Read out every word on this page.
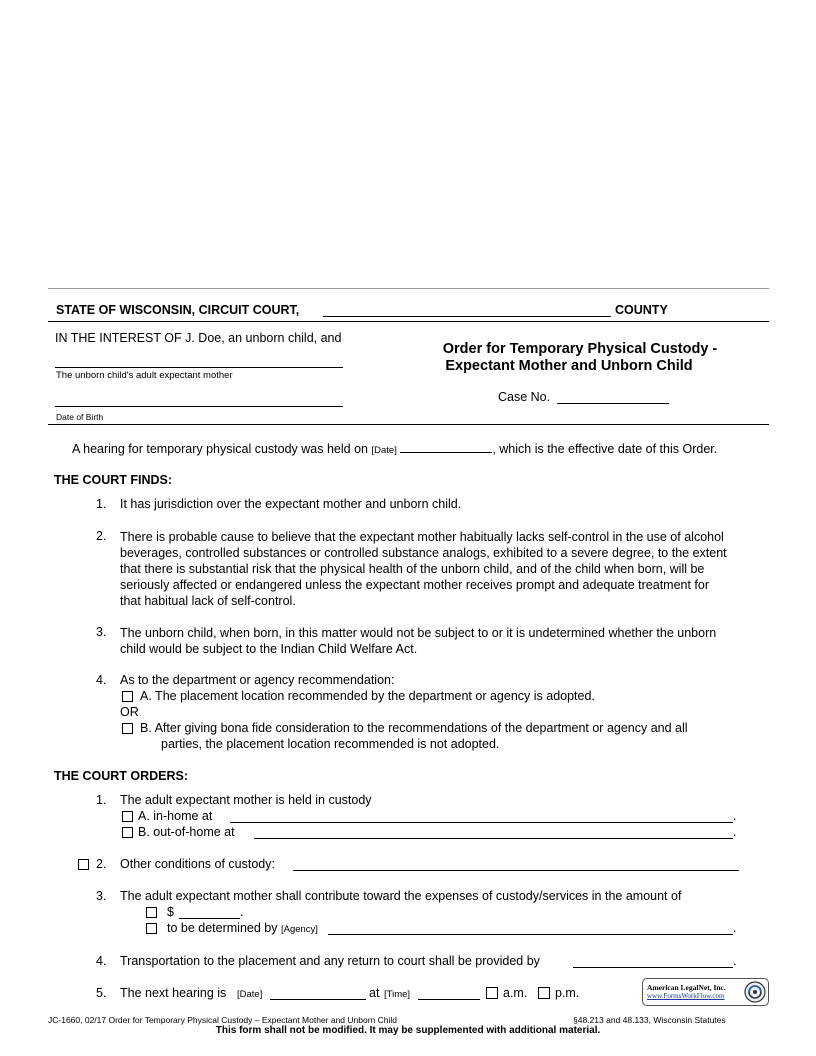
STATE OF WISCONSIN, CIRCUIT COURT,	COUNTY
IN THE INTEREST OF J. Doe, an unborn child, and
The unborn child's adult expectant mother
Date of Birth
Order for Temporary Physical Custody -
Expectant Mother and Unborn Child
Case No.
A hearing for temporary physical custody was held on [Date]	, which is the effective date of this Order.
THE COURT FINDS:
1. It has jurisdiction over the expectant mother and unborn child.
2. There is probable cause to believe that the expectant mother habitually lacks self-control in the use of alcohol
beverages, controlled substances or controlled substance analogs, exhibited to a severe degree, to the extent
that there is substantial risk that the physical health of the unborn child, and of the child when born, will be
seriously affected or endangered unless the expectant mother receives prompt and adequate treatment for
that habitual lack of self-control.
3. The unborn child, when born, in this matter would not be subject to or it is undetermined whether the unborn
child would be subject to the Indian Child Welfare Act.
4. As to the department or agency recommendation:
A. The placement location recommended by the department or agency is adopted.
OR
B. After giving bona fide consideration to the recommendations of the department or agency and all
parties, the placement location recommended is not adopted.
THE COURT ORDERS:
1. The adult expectant mother is held in custody
A. in-home at	.
B. out-of-home at	.
2. Other conditions of custody:
3. The adult expectant mother shall contribute toward the expenses of custody/services in the amount of
$	.
to be determined by [Agency]	.
4. Transportation to the placement and any return to court shall be provided by	.
5. The next hearing is [Date]	at [Time]	a.m. p.m.	American LegalNet, Inc.
www.FormsWorkFlow.com
JC-1660, 02/17 Order for Temporary Physical Custody – Expectant Mother and Unborn Child	§48.213 and 48.133, Wisconsin Statutes
This form shall not be modified. It may be supplemented with additional material.
